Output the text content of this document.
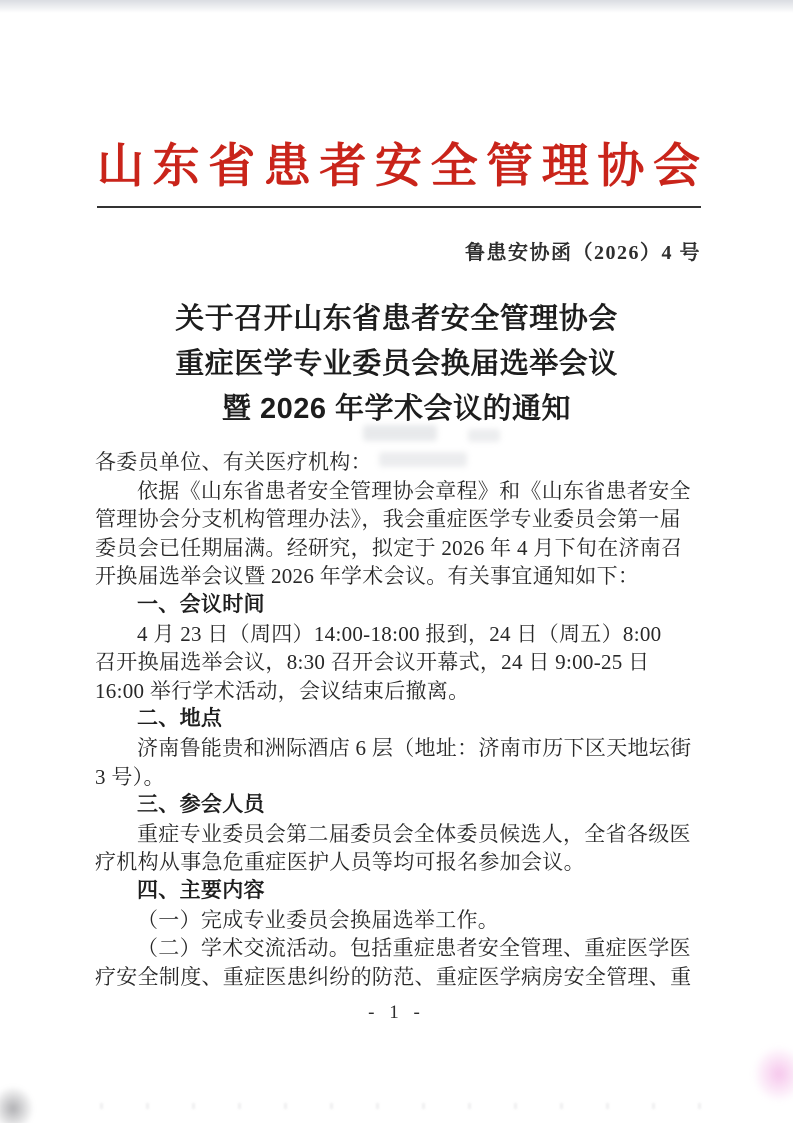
山 东 省 患 者 安 全 管 理 协 会
鲁患安协函（2026）4 号
关于召开山东省患者安全管理协会
重症医学专业委员会换届选举会议
暨 2026 年学术会议的通知
各委员单位、有关医疗机构：
依据《山东省患者安全管理协会章程》和《山东省患者安全
管理协会分支机构管理办法》，我会重症医学专业委员会第一届
委员会已任期届满。经研究，拟定于 2026 年 4 月下旬在济南召
开换届选举会议暨 2026 年学术会议。有关事宜通知如下：
一、会议时间
4 月 23 日（周四）14:00-18:00 报到，24 日（周五）8:00
召开换届选举会议，8:30 召开会议开幕式，24 日 9:00-25 日
16:00 举行学术活动，会议结束后撤离。
二、地点
济南鲁能贵和洲际酒店 6 层（地址：济南市历下区天地坛街
3 号）。
三、参会人员
重症专业委员会第二届委员会全体委员候选人，全省各级医
疗机构从事急危重症医护人员等均可报名参加会议。
四、主要内容
（一）完成专业委员会换届选举工作。
（二）学术交流活动。包括重症患者安全管理、重症医学医
疗安全制度、重症医患纠纷的防范、重症医学病房安全管理、重
- 1 -
